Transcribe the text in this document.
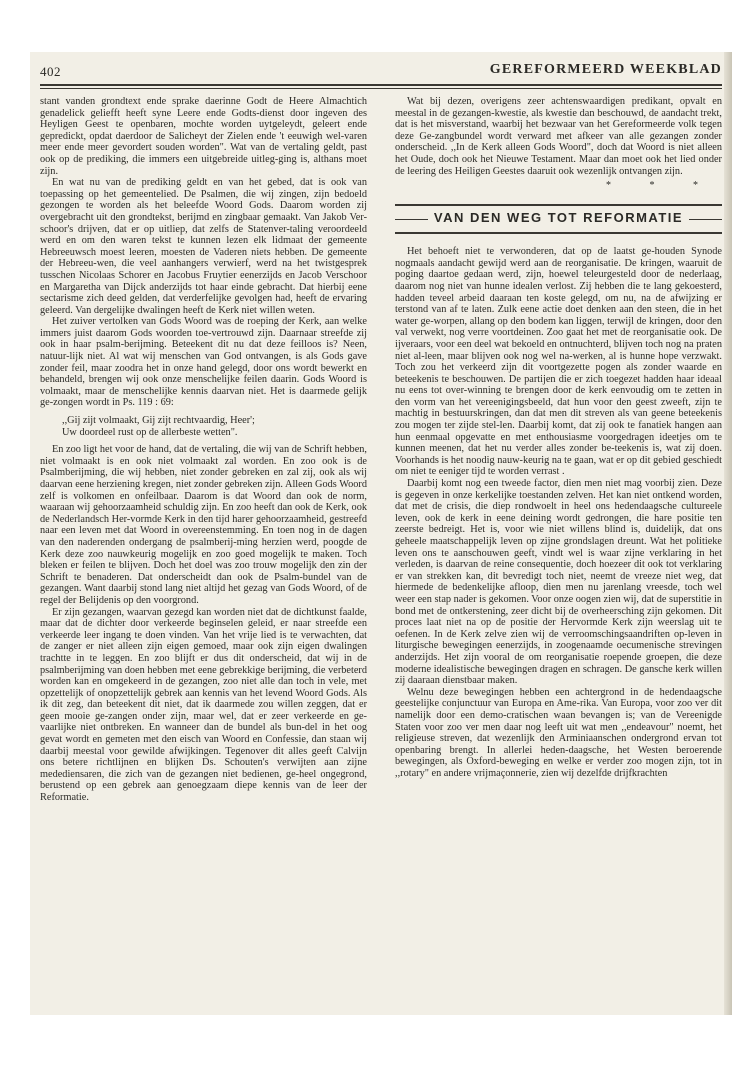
402	GEREFORMEERD WEEKBLAD

stant vanden grondtext ende sprake daerinne Godt de Heere Almachtich genadelick geliefft heeft syne Leere ende Godts-dienst door ingeven des Heyligen Geest te openbaren, mochte worden uytgeleydt, geleert ende gepredickt, opdat daerdoor de Salicheyt der Zielen ende 't eeuwigh wel-varen meer ende meer gevordert souden worden". Wat van de vertaling geldt, past ook op de prediking, die immers een uitgebreide uitleg-ging is, althans moet zijn.

En wat nu van de prediking geldt en van het gebed, dat is ook van toepassing op het gemeentelied. De Psalmen, die wij zingen, zijn bedoeld gezongen te worden als het beleefde Woord Gods. Daarom worden zij overgebracht uit den grondtekst, berijmd en zingbaar gemaakt. Van Jakob Ver-schoor's drijven, dat er op uitliep, dat zelfs de Statenver-taling veroordeeld werd en om den waren tekst te kunnen lezen elk lidmaat der gemeente Hebreeuwsch moest leeren, moesten de Vaderen niets hebben. De gemeente der Hebreeu-wen, die veel aanhangers verwierf, werd na het twistgesprek tusschen Nicolaas Schorer en Jacobus Fruytier eenerzijds en Jacob Verschoor en Margaretha van Dijck anderzijds tot haar einde gebracht. Dat hierbij eene sectarisme zich deed gelden, dat verderfelijke gevolgen had, heeft de ervaring geleerd. Van dergelijke dwalingen heeft de Kerk niet willen weten.

Het zuiver vertolken van Gods Woord was de roeping der Kerk, aan welke immers juist daarom Gods woorden toe-vertrouwd zijn. Daarnaar streefde zij ook in haar psalm-berijming. Beteekent dit nu dat deze feilloos is? Neen, natuur-lijk niet. Al wat wij menschen van God ontvangen, is als Gods gave zonder feil, maar zoodra het in onze hand gelegd, door ons wordt bewerkt en behandeld, brengen wij ook onze menschelijke feilen daarin. Gods Woord is volmaakt, maar de menschelijke kennis daarvan niet. Het is daarmede gelijk ge-zongen wordt in Ps. 119 : 69:

,,Gij zijt volmaakt, Gij zijt rechtvaardig, Heer';
Uw doordeel rust op de allerbeste wetten".

En zoo ligt het voor de hand, dat de vertaling, die wij van de Schrift hebben, niet volmaakt is en ook niet volmaakt zal worden. En zoo ook is de Psalmberijming, die wij hebben, niet zonder gebreken en zal zij, ook als wij daarvan eene herziening kregen, niet zonder gebreken zijn. Alleen Gods Woord zelf is volkomen en onfeilbaar. Daarom is dat Woord dan ook de norm, waaraan wij gehoorzaamheid schuldig zijn. En zoo heeft dan ook de Kerk, ook de Nederlandsch Her-vormde Kerk in den tijd harer gehoorzaamheid, gestreefd naar een leven met dat Woord in overeenstemming. En toen nog in de dagen van den naderenden ondergang de psalmberij-ming herzien werd, poogde de Kerk deze zoo nauwkeurig mogelijk en zoo goed mogelijk te maken. Toch bleken er feilen te blijven. Doch het doel was zoo trouw mogelijk den zin der Schrift te benaderen. Dat onderscheidt dan ook de Psalm-bundel van de gezangen. Want daarbij stond lang niet altijd het gezag van Gods Woord, of de regel der Belijdenis op den voorgrond.

Er zijn gezangen, waarvan gezegd kan worden niet dat de dichtkunst faalde, maar dat de dichter door verkeerde beginselen geleid, er naar streefde een verkeerde leer ingang te doen vinden. Van het vrije lied is te verwachten, dat de zanger er niet alleen zijn eigen gemoed, maar ook zijn eigen dwalingen trachtte in te leggen. En zoo blijft er dus dit onderscheid, dat wij in de psalmberijming van doen hebben met eene gebrekkige berijming, die verbeterd worden kan en omgekeerd in de gezangen, zoo niet alle dan toch in vele, met opzettelijk of onopzettelijk gebrek aan kennis van het levend Woord Gods. Als ik dit zeg, dan beteekent dit niet, dat ik daarmede zou willen zeggen, dat er geen mooie ge-zangen onder zijn, maar wel, dat er zeer verkeerde en ge-vaarlijke niet ontbreken. En wanneer dan de bundel als bun-del in het oog gevat wordt en gemeten met den eisch van Woord en Confessie, dan staan wij daarbij meestal voor gewilde afwijkingen. Tegenover dit alles geeft Calvijn ons betere richtlijnen en blijken Ds. Schouten's verwijten aan zijne medediensaren, die zich van de gezangen niet bedienen, ge-heel ongegrond, berustend op een gebrek aan genoegzaam diepe kennis van de leer der Reformatie.

Wat bij dezen, overigens zeer achtenswaardigen predikant, opvalt en meestal in de gezangen-kwestie, als kwestie dan beschouwd, de aandacht trekt, dat is het misverstand, waarbij het bezwaar van het Gereformeerde volk tegen deze Ge-zangbundel wordt verward met afkeer van alle gezangen zonder onderscheid. ,,In de Kerk alleen Gods Woord", doch dat Woord is niet alleen het Oude, doch ook het Nieuwe Testament. Maar dan moet ook het lied onder de leering des Heiligen Geestes daaruit ook wezenlijk ontvangen zijn.

* * *
VAN DEN WEG TOT REFORMATIE

Het behoeft niet te verwonderen, dat op de laatst ge-houden Synode nogmaals aandacht gewijd werd aan de reorganisatie. De kringen, waaruit de poging daartoe gedaan werd, zijn, hoewel teleurgesteld door de nederlaag, daarom nog niet van hunne idealen verlost. Zij hebben die te lang gekoesterd, hadden teveel arbeid daaraan ten koste gelegd, om nu, na de afwijzing er terstond van af te laten. Zulk eene actie doet denken aan den steen, die in het water ge-worpen, allang op den bodem kan liggen, terwijl de kringen, door den val verwekt, nog verre voortdeinen. Zoo gaat het met de reorganisatie ook. De ijveraars, voor een deel wat bekoeld en ontnuchterd, blijven toch nog na praten niet al-leen, maar blijven ook nog wel na-werken, al is hunne hope verzwakt. Toch zou het verkeerd zijn dit voortgezette pogen als zonder waarde en beteekenis te beschouwen. De partijen die er zich toegezet hadden haar ideaal nu eens tot over-winning te brengen door de kerk eenvoudig om te zetten in den vorm van het vereenigingsbeeld, dat hun voor den geest zweeft, zijn te machtig in bestuurskringen, dan dat men dit streven als van geene beteekenis zou mogen ter zijde stel-len. Daarbij komt, dat zij ook te fanatiek hangen aan hun eenmaal opgevatte en met enthousiasme voorgedragen ideetjes om te kunnen meenen, dat het nu verder alles zonder be-teekenis is, wat zij doen. Voorhands is het noodig nauw-keurig na te gaan, wat er op dit gebied geschiedt om niet te eeniger tijd te worden verrast .

Daarbij komt nog een tweede factor, dien men niet mag voorbij zien. Deze is gegeven in onze kerkelijke toestanden zelven. Het kan niet ontkend worden, dat met de crisis, die diep rondwoelt in heel ons hedendaagsche cultureele leven, ook de kerk in eene deining wordt gedrongen, die hare positie ten zeerste bedreigt. Het is, voor wie niet willens blind is, duidelijk, dat ons geheele maatschappelijk leven op zijne grondslagen dreunt. Wat het politieke leven ons te aanschouwen geeft, vindt wel is waar zijne verklaring in het verleden, is daarvan de reine consequentie, doch hoezeer dit ook tot verklaring er van strekken kan, dit bevredigt toch niet, neemt de vreeze niet weg, dat hiermede de bedenkelijke afloop, dien men nu jarenlang vreesde, toch wel weer een stap nader is gekomen. Voor onze oogen zien wij, dat de superstitie in bond met de ontkerstening, zeer dicht bij de overheersching zijn gekomen. Dit proces laat niet na op de positie der Hervormde Kerk zijn weerslag uit te oefenen. In de Kerk zelve zien wij de verroomschingsaandriften op-leven in liturgische bewegingen eenerzijds, in zoogenaamde oecumenische strevingen anderzijds. Het zijn vooral de om reorganisatie roepende groepen, die deze moderne idealistische bewegingen dragen en schragen. De gansche kerk willen zij daaraan dienstbaar maken.

Welnu deze bewegingen hebben een achtergrond in de hedendaagsche geestelijke conjunctuur van Europa en Ame-rika. Van Europa, voor zoo ver dit namelijk door een demo-cratischen waan bevangen is; van de Vereenigde Staten voor zoo ver men daar nog leeft uit wat men ,,endeavour" noemt, het religieuse streven, dat wezenlijk den Arminiaanschen ondergrond ervan tot openbaring brengt. In allerlei heden-daagsche, het Westen beroerende bewegingen, als Oxford-beweging en welke er verder zoo mogen zijn, tot in ,,rotary" en andere vrijmaçonnerie, zien wij dezelfde drijfkrachten
